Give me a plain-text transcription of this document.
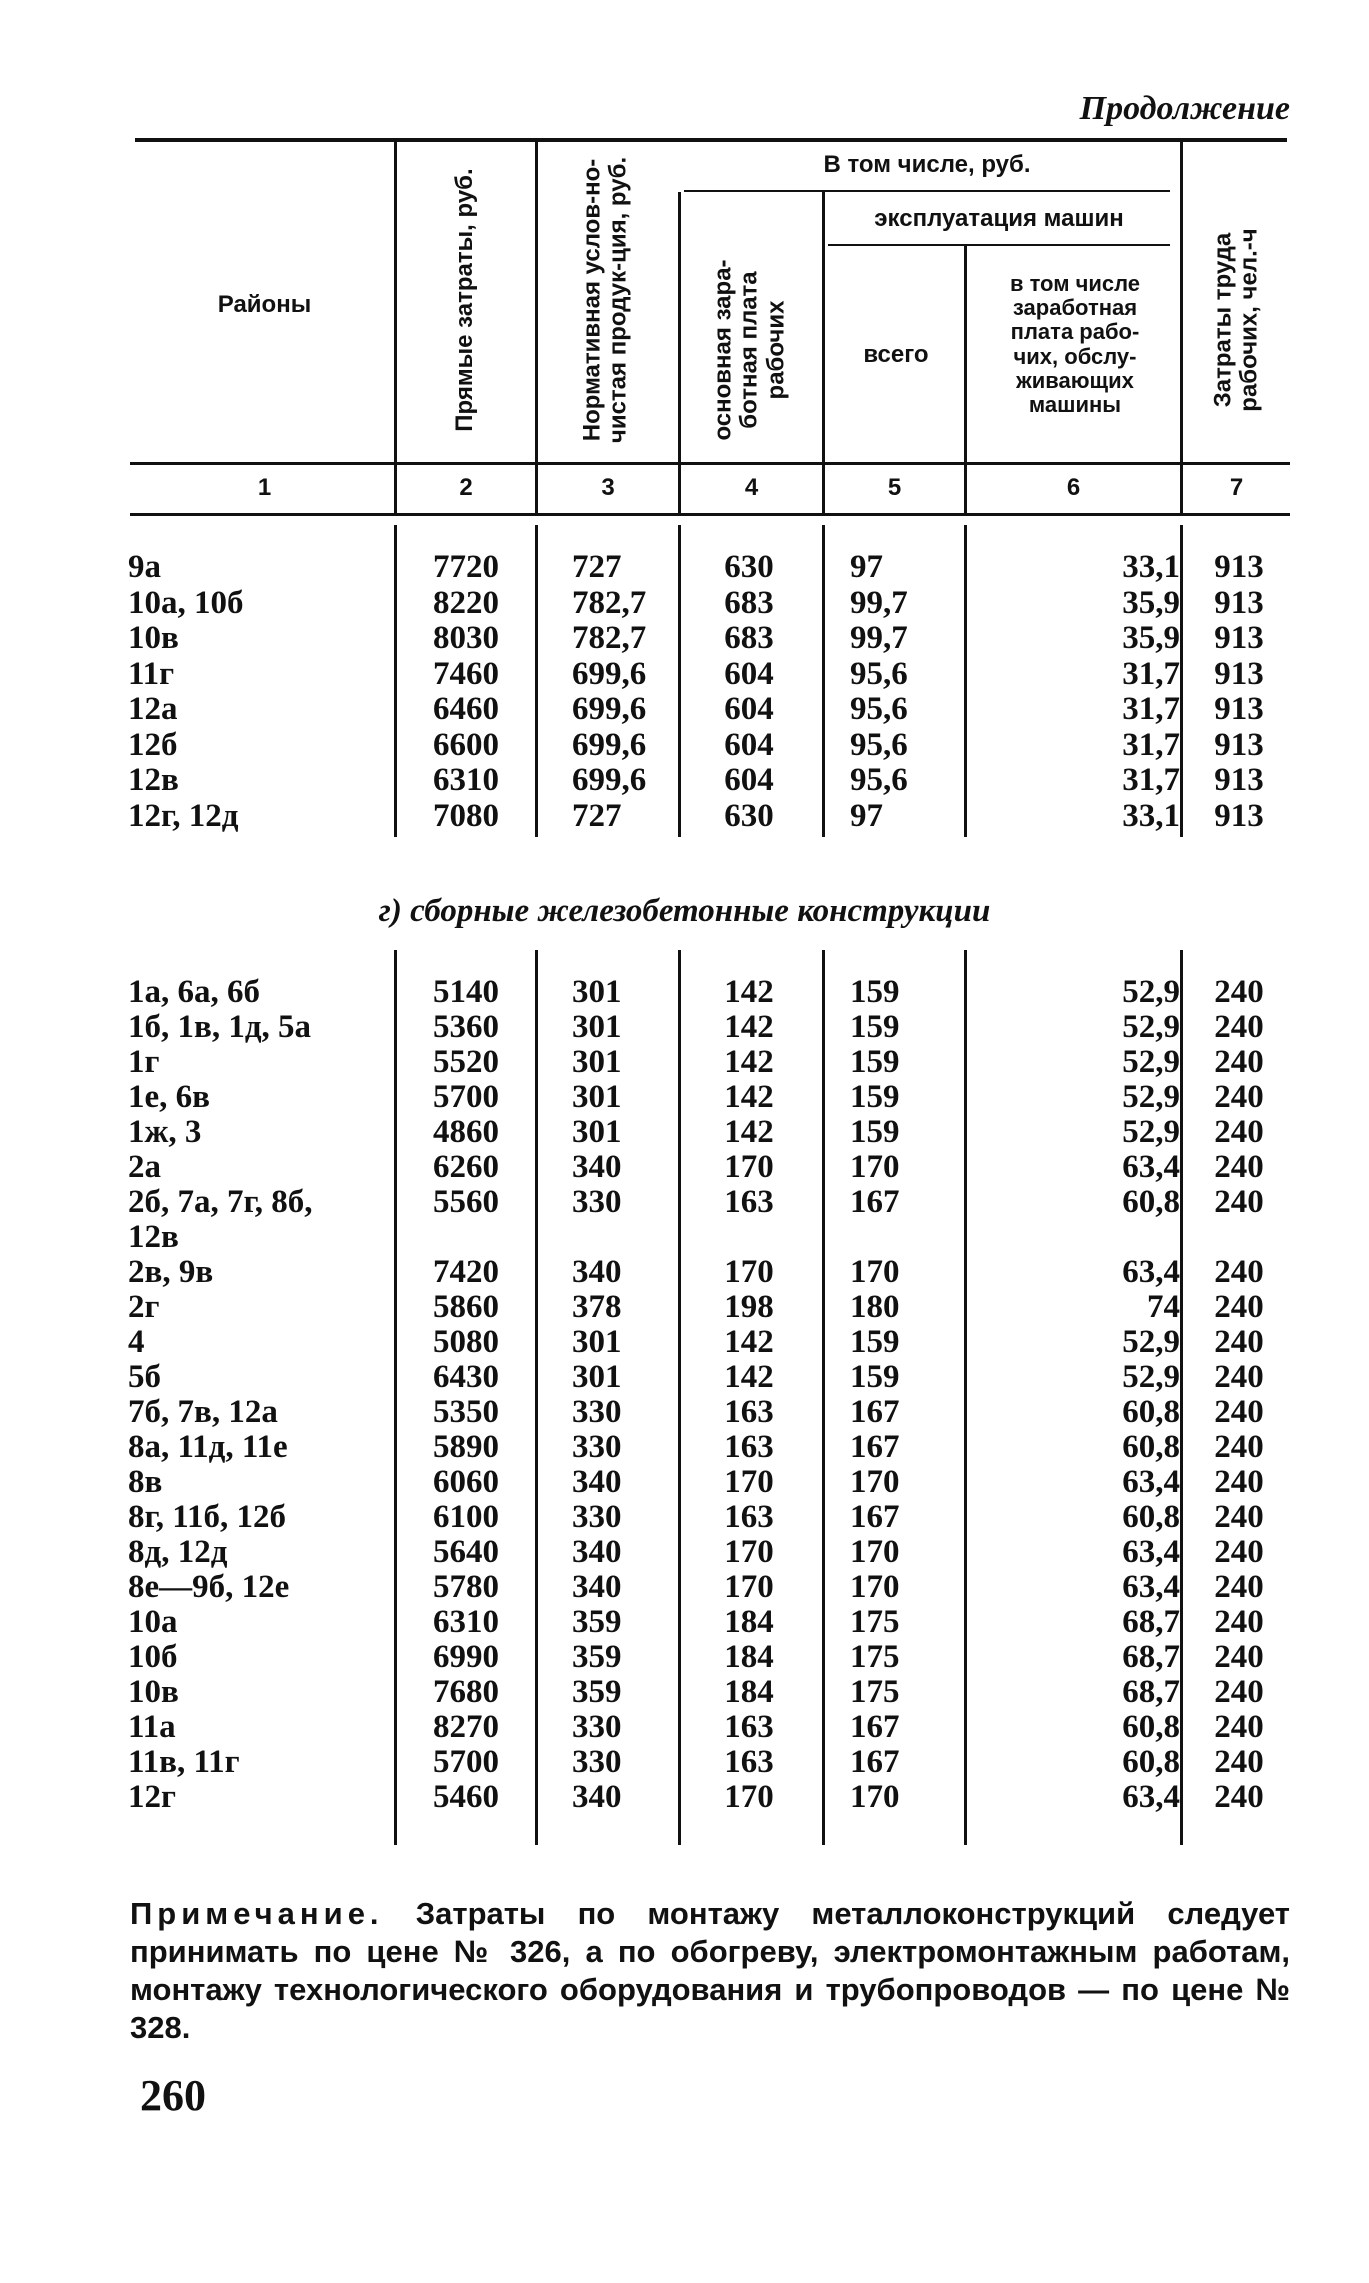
Продолжение
Районы	Прямые затраты, руб.	Нормативная услов-но-чистая продук-ция, руб.	В том числе, руб.
основная зара-ботная плата рабочих
эксплуатация машин
всего
в том числе заработная плата рабо-чих, обслу-живающих машины	Затраты труда рабочих, чел.-ч
1	2	3	4	5	6	7
9а	7720	727	630	97	33,1	913
10а, 10б	8220	782,7	683	99,7	35,9	913
10в	8030	782,7	683	99,7	35,9	913
11г	7460	699,6	604	95,6	31,7	913
12а	6460	699,6	604	95,6	31,7	913
12б	6600	699,6	604	95,6	31,7	913
12в	6310	699,6	604	95,6	31,7	913
12г, 12д	7080	727	630	97	33,1	913
г) сборные железобетонные конструкции
1а, 6а, 6б	5140	301	142	159	52,9	240
1б, 1в, 1д, 5а	5360	301	142	159	52,9	240
1г	5520	301	142	159	52,9	240
1е, 6в	5700	301	142	159	52,9	240
1ж, 3	4860	301	142	159	52,9	240
2а	6260	340	170	170	63,4	240
2б, 7а, 7г, 8б,	5560	330	163	167	60,8	240
12в
2в, 9в	7420	340	170	170	63,4	240
2г	5860	378	198	180	74	240
4	5080	301	142	159	52,9	240
5б	6430	301	142	159	52,9	240
7б, 7в, 12а	5350	330	163	167	60,8	240
8а, 11д, 11е	5890	330	163	167	60,8	240
8в	6060	340	170	170	63,4	240
8г, 11б, 12б	6100	330	163	167	60,8	240
8д, 12д	5640	340	170	170	63,4	240
8е—9б, 12е	5780	340	170	170	63,4	240
10а	6310	359	184	175	68,7	240
10б	6990	359	184	175	68,7	240
10в	7680	359	184	175	68,7	240
11а	8270	330	163	167	60,8	240
11в, 11г	5700	330	163	167	60,8	240
12г	5460	340	170	170	63,4	240
Примечание. Затраты по монтажу металлоконструкций следует принимать по цене № 326, а по обогреву, электромонтажным работам, монтажу технологического оборудования и трубопроводов — по цене № 328.
260
